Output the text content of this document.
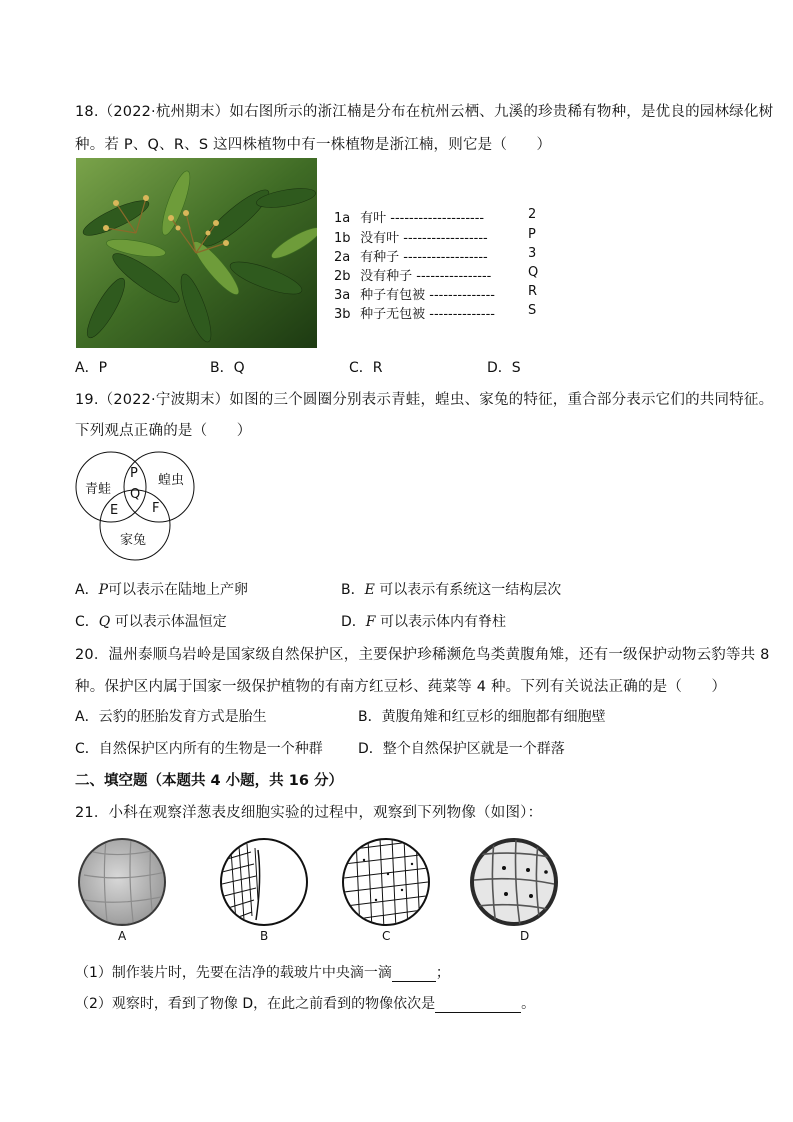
18.（2022·杭州期末）如右图所示的浙江楠是分布在杭州云栖、九溪的珍贵稀有物种，是优良的园林绿化树
种。若 P、Q、R、S 这四株植物中有一株植物是浙江楠，则它是（　　）
1a 有叶 --------------------	2
1b 没有叶 ------------------	P
2a 有种子 ------------------	3
2b 没有种子 ----------------	Q
3a 种子有包被 --------------	R
3b 种子无包被 --------------	S
A．P	B．Q	C．R	D．S
19.（2022·宁波期末）如图的三个圆圈分别表示青蛙，蝗虫、家兔的特征，重合部分表示它们的共同特征。
下列观点正确的是（　　）
青蛙
蝗虫
家兔
P
Q
E	F
A．P可以表示在陆地上产卵	B．E 可以表示有系统这一结构层次
C．Q 可以表示体温恒定	D．F 可以表示体内有脊柱
20．温州泰顺乌岩岭是国家级自然保护区，主要保护珍稀濒危鸟类黄腹角雉，还有一级保护动物云豹等共 8
种。保护区内属于国家一级保护植物的有南方红豆杉、莼菜等 4 种。下列有关说法正确的是（　　）
A．云豹的胚胎发育方式是胎生	B．黄腹角雉和红豆杉的细胞都有细胞壁
C．自然保护区内所有的生物是一个种群	D．整个自然保护区就是一个群落
二、填空题（本题共 4 小题，共 16 分）
21．小科在观察洋葱表皮细胞实验的过程中，观察到下列物像（如图）：
A	B	C	D
（1）制作装片时，先要在洁净的载玻片中央滴一滴	；
（2）观察时，看到了物像 D，在此之前看到的物像依次是	。
